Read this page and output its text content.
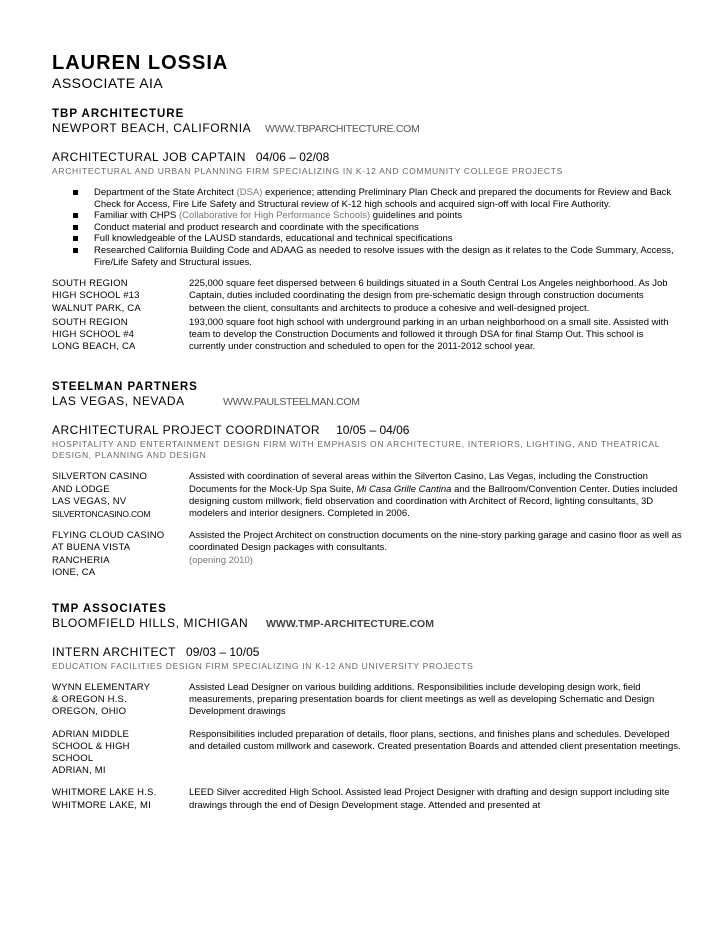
LAUREN LOSSIA
ASSOCIATE AIA
TBP ARCHITECTURE
NEWPORT BEACH, CALIFORNIA WWW.TBPARCHITECTURE.COM
ARCHITECTURAL JOB CAPTAIN 04/06 – 02/08
ARCHITECTURAL AND URBAN PLANNING FIRM SPECIALIZING IN K-12 AND COMMUNITY COLLEGE PROJECTS
Department of the State Architect (DSA) experience; attending Preliminary Plan Check and prepared the documents for Review and Back Check for Access, Fire Life Safety and Structural review of K-12 high schools and acquired sign-off with local Fire Authority.
Familiar with CHPS (Collaborative for High Performance Schools) guidelines and points
Conduct material and product research and coordinate with the specifications
Full knowledgeable of the LAUSD standards, educational and technical specifications
Researched California Building Code and ADAAG as needed to resolve issues with the design as it relates to the Code Summary, Access, Fire/Life Safety and Structural issues.
SOUTH REGION
HIGH SCHOOL #13
WALNUT PARK, CA
225,000 square feet dispersed between 6 buildings situated in a South Central Los Angeles neighborhood. As Job Captain, duties included coordinating the design from pre-schematic design through construction documents between the client, consultants and architects to produce a cohesive and well-designed project.
SOUTH REGION
HIGH SCHOOL #4
LONG BEACH, CA
193,000 square foot high school with underground parking in an urban neighborhood on a small site. Assisted with team to develop the Construction Documents and followed it through DSA for final Stamp Out. This school is currently under construction and scheduled to open for the 2011-2012 school year.
STEELMAN PARTNERS
LAS VEGAS, NEVADA	WWW.PAULSTEELMAN.COM
ARCHITECTURAL PROJECT COORDINATOR 10/05 – 04/06
HOSPITALITY AND ENTERTAINMENT DESIGN FIRM WITH EMPHASIS ON ARCHITECTURE, INTERIORS, LIGHTING, AND THEATRICAL DESIGN, PLANNING AND DESIGN
SILVERTON CASINO
AND LODGE
LAS VEGAS, NV
SILVERTONCASINO.COM
Assisted with coordination of several areas within the Silverton Casino, Las Vegas, including the Construction Documents for the Mock-Up Spa Suite, Mi Casa Grille Cantina and the Ballroom/Convention Center. Duties included designing custom millwork, field observation and coordination with Architect of Record, lighting consultants, 3D modelers and interior designers. Completed in 2006.
FLYING CLOUD CASINO
AT BUENA VISTA
RANCHERIA
IONE, CA
Assisted the Project Architect on construction documents on the nine-story parking garage and casino floor as well as coordinated Design packages with consultants.
(opening 2010)
TMP ASSOCIATES
BLOOMFIELD HILLS, MICHIGAN WWW.TMP-ARCHITECTURE.COM
INTERN ARCHITECT 09/03 – 10/05
EDUCATION FACILITIES DESIGN FIRM SPECIALIZING IN K-12 AND UNIVERSITY PROJECTS
WYNN ELEMENTARY
& OREGON H.S.
OREGON, OHIO
Assisted Lead Designer on various building additions. Responsibilities include developing design work, field measurements, preparing presentation boards for client meetings as well as developing Schematic and Design Development drawings
ADRIAN MIDDLE
SCHOOL & HIGH
SCHOOL
ADRIAN, MI
Responsibilities included preparation of details, floor plans, sections, and finishes plans and schedules. Developed and detailed custom millwork and casework. Created presentation Boards and attended client presentation meetings.
WHITMORE LAKE H.S.
WHITMORE LAKE, MI
LEED Silver accredited High School. Assisted lead Project Designer with drafting and design support including site drawings through the end of Design Development stage. Attended and presented at
